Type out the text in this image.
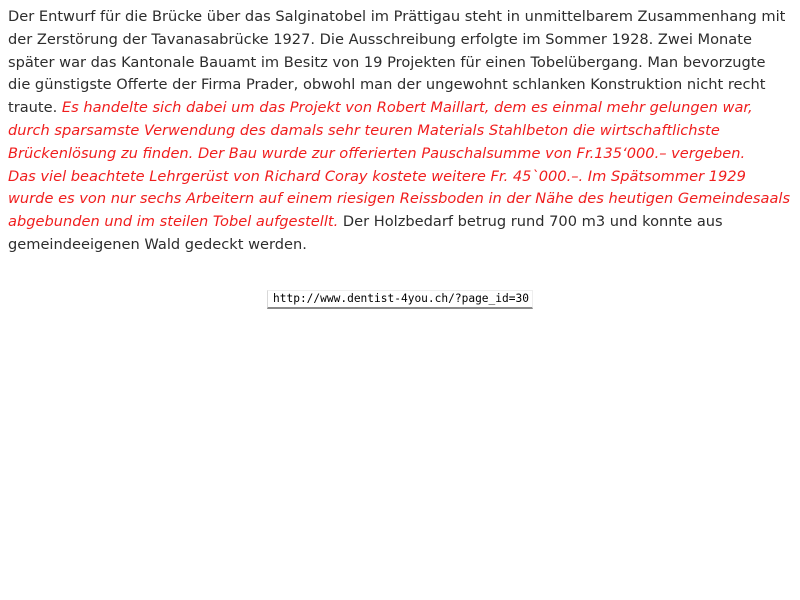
Der Entwurf für die Brücke über das Salginatobel im Prättigau steht in unmittelbarem Zusammenhang mit der Zerstörung der Tavanasabrücke 1927. Die Ausschreibung erfolgte im Sommer 1928. Zwei Monate später war das Kantonale Bauamt im Besitz von 19 Projekten für einen Tobelübergang. Man bevorzugte die günstigste Offerte der Firma Prader, obwohl man der ungewohnt schlanken Konstruktion nicht recht traute. Es handelte sich dabei um das Projekt von Robert Maillart, dem es einmal mehr gelungen war, durch sparsamste Verwendung des damals sehr teuren Materials Stahlbeton die wirtschaftlichste Brückenlösung zu finden. Der Bau wurde zur offerierten Pauschalsumme von Fr.135‘000.– vergeben.

Das viel beachtete Lehrgerüst von Richard Coray kostete weitere Fr. 45`000.–. Im Spätsommer 1929 wurde es von nur sechs Arbeitern auf einem riesigen Reissboden in der Nähe des heutigen Gemeindesaals abgebunden und im steilen Tobel aufgestellt. Der Holzbedarf betrug rund 700 m3 und konnte aus gemeindeeigenen Wald gedeckt werden.

http://www.dentist-4you.ch/?page_id=30
